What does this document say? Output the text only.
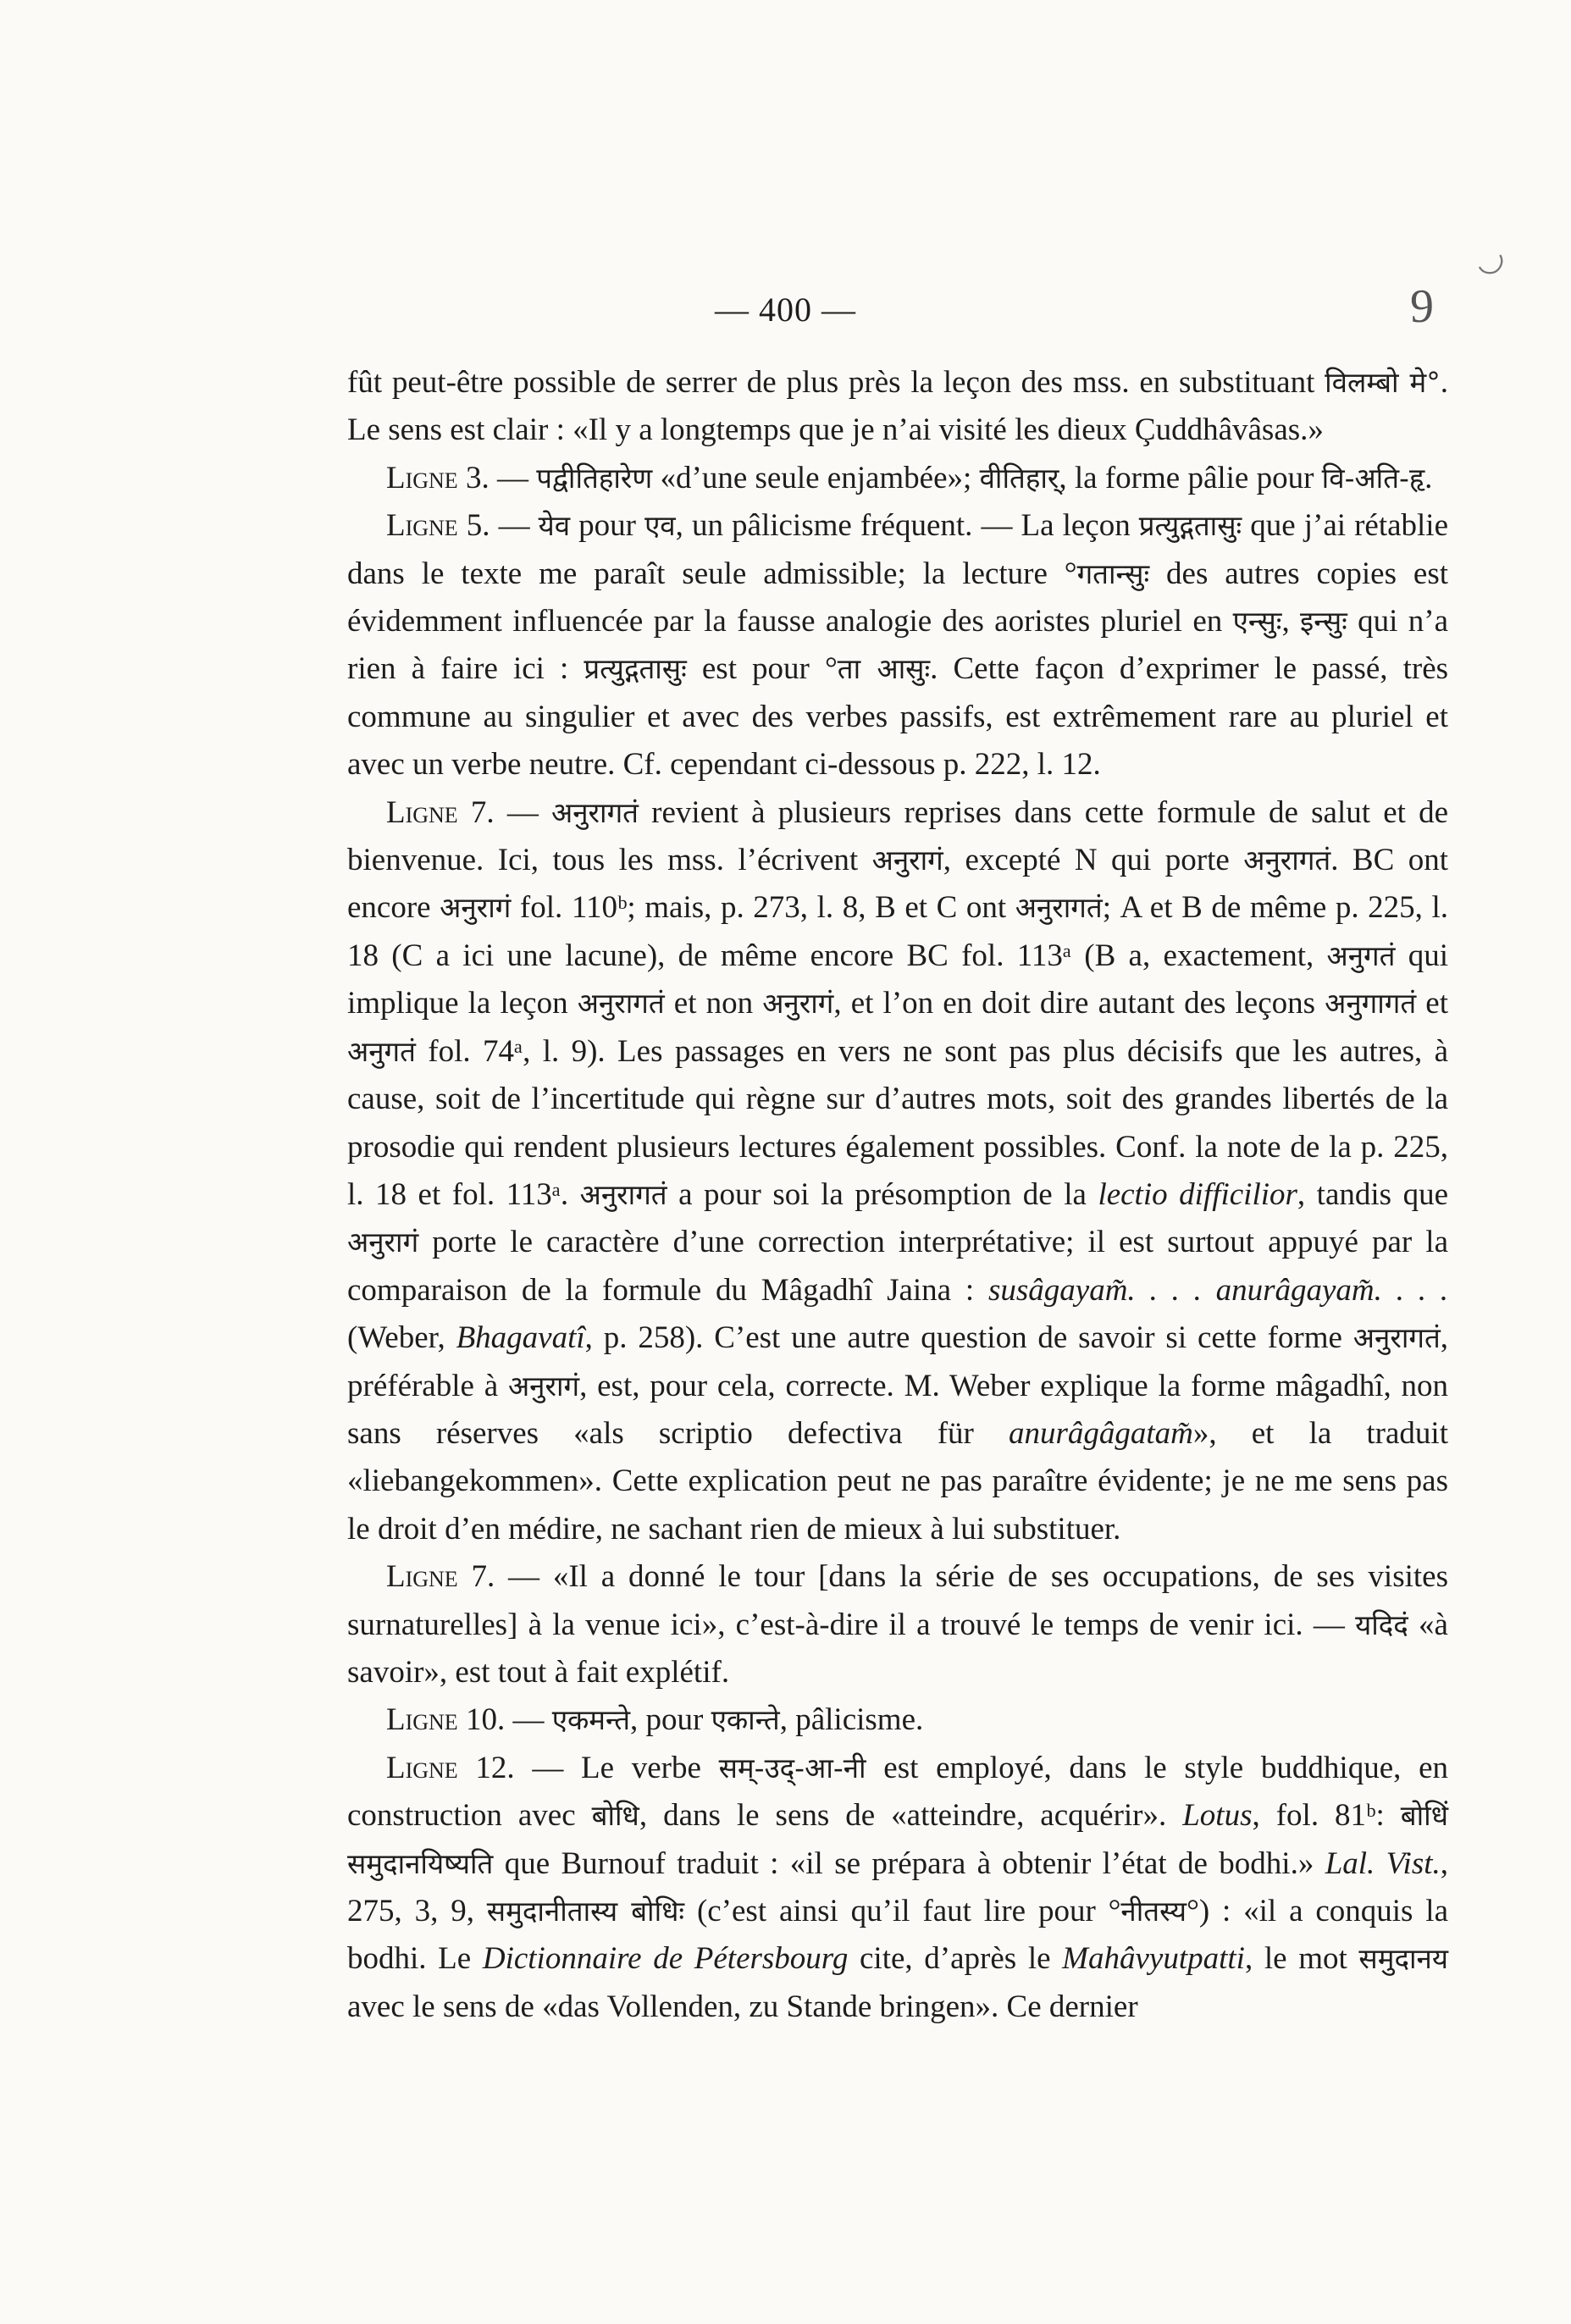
— 400 —	9
◡

fût peut-être possible de serrer de plus près la leçon des mss. en substituant विलम्बो मे°. Le sens est clair : «Il y a longtemps que je n’ai visité les dieux Çuddhâvâsas.»

Ligne 3. — पद्वीतिहारेण «d’une seule enjambée»; वीतिहार्, la forme pâlie pour वि-अति-हृ.

Ligne 5. — येव pour एव, un pâlicisme fréquent. — La leçon प्रत्युद्गतासुः que j’ai rétablie dans le texte me paraît seule admissible; la lecture °गतान्सुः des autres copies est évidemment influencée par la fausse analogie des aoristes pluriel en एन्सुः, इन्सुः qui n’a rien à faire ici : प्रत्युद्गतासुः est pour °ता आसुः. Cette façon d’exprimer le passé, très commune au singulier et avec des verbes passifs, est extrêmement rare au pluriel et avec un verbe neutre. Cf. cependant ci-dessous p. 222, l. 12.

Ligne 7. — अनुरागतं revient à plusieurs reprises dans cette formule de salut et de bienvenue. Ici, tous les mss. l’écrivent अनुरागं, excepté N qui porte अनुरागतं. BC ont encore अनुरागं fol. 110ᵇ; mais, p. 273, l. 8, B et C ont अनुरागतं; A et B de même p. 225, l. 18 (C a ici une lacune), de même encore BC fol. 113ᵃ (B a, exactement, अनुगतं qui implique la leçon अनुरागतं et non अनुरागं, et l’on en doit dire autant des leçons अनुगागतं et अनुगतं fol. 74ᵃ, l. 9). Les passages en vers ne sont pas plus décisifs que les autres, à cause, soit de l’incertitude qui règne sur d’autres mots, soit des grandes libertés de la prosodie qui rendent plusieurs lectures également possibles. Conf. la note de la p. 225, l. 18 et fol. 113ᵃ. अनुरागतं a pour soi la présomption de la lectio difficilior, tandis que अनुरागं porte le caractère d’une correction interprétative; il est surtout appuyé par la comparaison de la formule du Mâgadhî Jaina : susâgayam̃. . . . anurâgayam̃. . . . (Weber, Bhagavatî, p. 258). C’est une autre question de savoir si cette forme अनुरागतं, préférable à अनुरागं, est, pour cela, correcte. M. Weber explique la forme mâgadhî, non sans réserves «als scriptio defectiva für anurâgâgatam̃», et la traduit «liebangekommen». Cette explication peut ne pas paraître évidente; je ne me sens pas le droit d’en médire, ne sachant rien de mieux à lui substituer.

Ligne 7. — «Il a donné le tour [dans la série de ses occupations, de ses visites surnaturelles] à la venue ici», c’est-à-dire il a trouvé le temps de venir ici. — यदिदं «à savoir», est tout à fait explétif.

Ligne 10. — एकमन्ते, pour एकान्ते, pâlicisme.

Ligne 12. — Le verbe सम्-उद्-आ-नी est employé, dans le style buddhique, en construction avec बोधि, dans le sens de «atteindre, acquérir». Lotus, fol. 81ᵇ: बोधिं समुदानयिष्यति que Burnouf traduit : «il se prépara à obtenir l’état de bodhi.» Lal. Vist., 275, 3, 9, समुदानीतास्य बोधिः (c’est ainsi qu’il faut lire pour °नीतस्य°) : «il a conquis la bodhi. Le Dictionnaire de Pétersbourg cite, d’après le Mahâvyutpatti, le mot समुदानय avec le sens de «das Vollenden, zu Stande bringen». Ce dernier
